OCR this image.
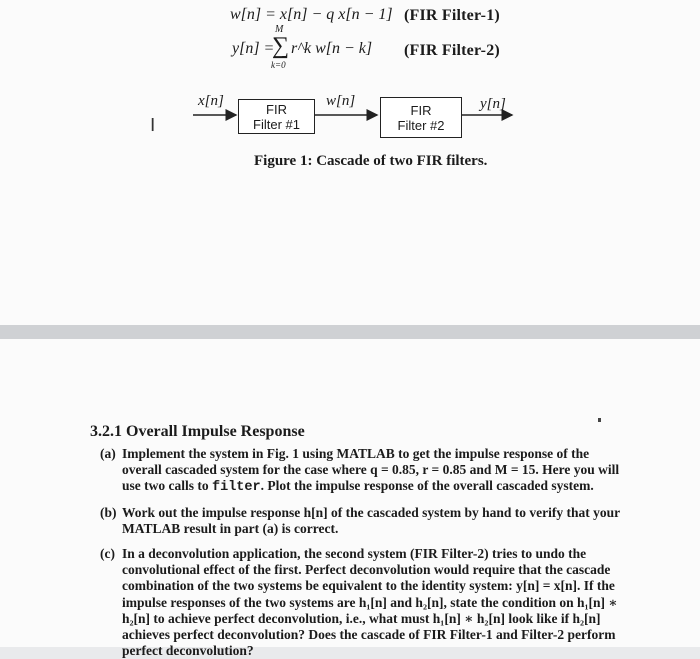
w[n] = x[n] − q x[n − 1] (FIR Filter-1)
y[n] =
M
∑
k=0
r^k w[n − k] (FIR Filter-2)
x[n]	w[n]	y[n]
FIR
Filter #1
FIR
Filter #2
Figure 1: Cascade of two FIR filters.
Ι
3.2.1 Overall Impulse Response
(a) Implement the system in Fig. 1 using MATLAB to get the impulse response of the overall cascaded system for the case where q = 0.85, r = 0.85 and M = 15. Here you will use two calls to filter. Plot the impulse response of the overall cascaded system.
(b) Work out the impulse response h[n] of the cascaded system by hand to verify that your MATLAB result in part (a) is correct.
(c) In a deconvolution application, the second system (FIR Filter-2) tries to undo the convolutional effect of the first. Perfect deconvolution would require that the cascade combination of the two systems be equivalent to the identity system: y[n] = x[n]. If the impulse responses of the two systems are h₁[n] and h₂[n], state the condition on h₁[n] ∗ h₂[n] to achieve perfect deconvolution, i.e., what must h₁[n] ∗ h₂[n] look like if h₂[n] achieves perfect deconvolution? Does the cascade of FIR Filter-1 and Filter-2 perform perfect deconvolution?
